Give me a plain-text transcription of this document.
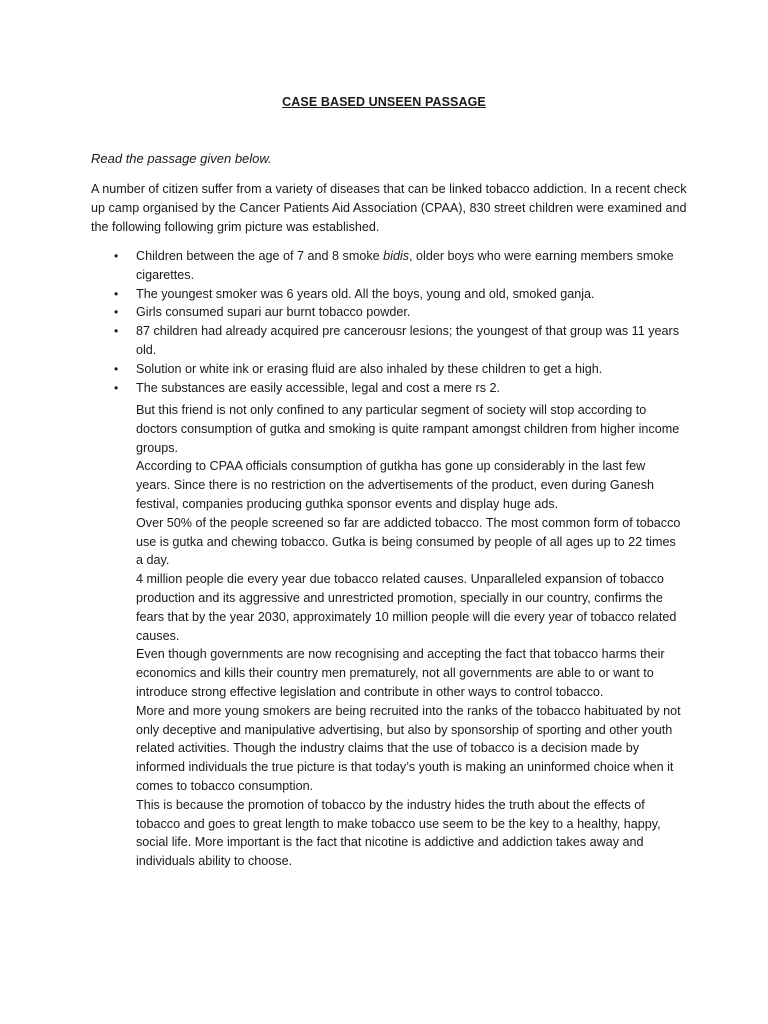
CASE BASED UNSEEN PASSAGE
Read the passage given below.
A number of citizen suffer from a variety of diseases that can be linked tobacco addiction. In a recent check up camp organised by the Cancer Patients Aid Association (CPAA), 830 street children were examined and the following following grim picture was established.
• Children between the age of 7 and 8 smoke bidis, older boys who were earning members smoke cigarettes.
• The youngest smoker was 6 years old. All the boys, young and old, smoked ganja.
• Girls consumed supari aur burnt tobacco powder.
• 87 children had already acquired pre cancerousr lesions; the youngest of that group was 11 years old.
• Solution or white ink or erasing fluid are also inhaled by these children to get a high.
• The substances are easily accessible, legal and cost a mere rs 2.

But this friend is not only confined to any particular segment of society will stop according to doctors consumption of gutka and smoking is quite rampant amongst children from higher income groups.

According to CPAA officials consumption of gutkha has gone up considerably in the last few years. Since there is no restriction on the advertisements of the product, even during Ganesh festival, companies producing guthka sponsor events and display huge ads.

Over 50% of the people screened so far are addicted tobacco. The most common form of tobacco use is gutka and chewing tobacco. Gutka is being consumed by people of all ages up to 22 times a day.

4 million people die every year due tobacco related causes. Unparalleled expansion of tobacco production and its aggressive and unrestricted promotion, specially in our country, confirms the fears that by the year 2030, approximately 10 million people will die every year of tobacco related causes.

Even though governments are now recognising and accepting the fact that tobacco harms their economics and kills their country men prematurely, not all governments are able to or want to introduce strong effective legislation and contribute in other ways to control tobacco.

More and more young smokers are being recruited into the ranks of the tobacco habituated by not only deceptive and manipulative advertising, but also by sponsorship of sporting and other youth related activities. Though the industry claims that the use of tobacco is a decision made by informed individuals the true picture is that today’s youth is making an uninformed choice when it comes to tobacco consumption.

This is because the promotion of tobacco by the industry hides the truth about the effects of tobacco and goes to great length to make tobacco use seem to be the key to a healthy, happy, social life. More important is the fact that nicotine is addictive and addiction takes away and individuals ability to choose.
